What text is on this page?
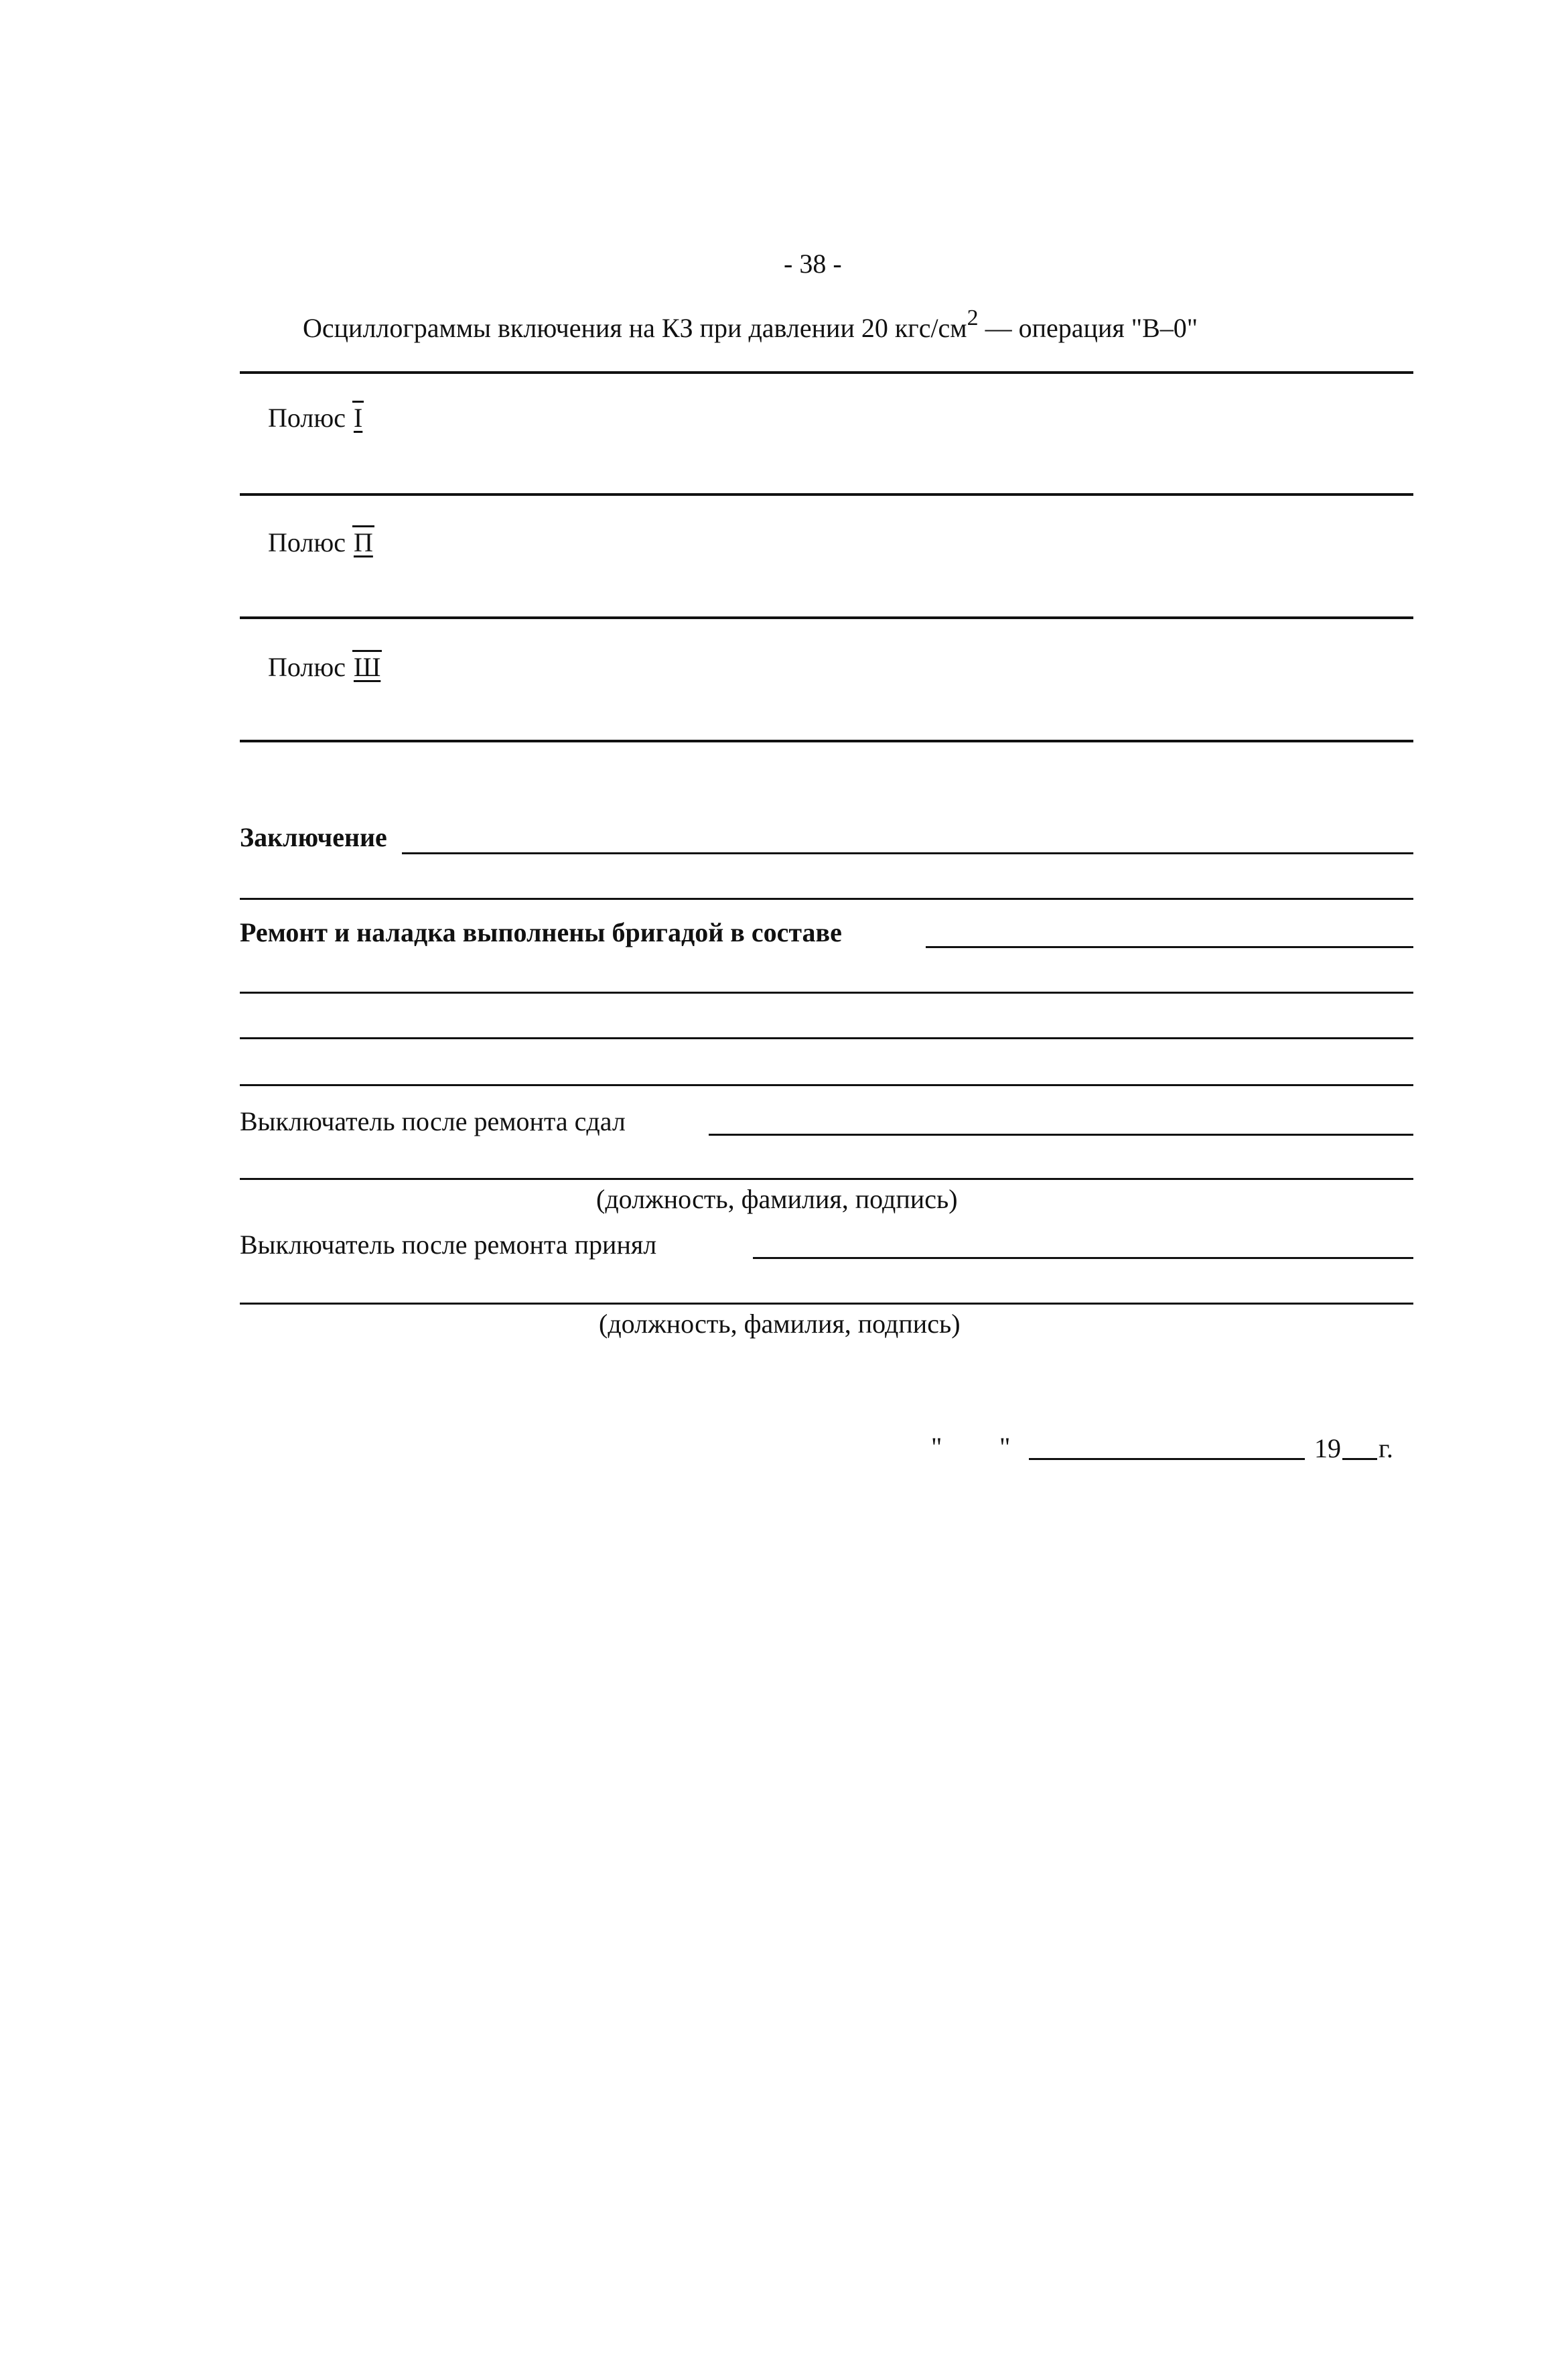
- 38 -
Осциллограммы включения на КЗ при давлении 20 кгс/$см^2$ — операция "В–0"
Полюс I
Полюс П
Полюс Ш
Заключение
Ремонт и наладка выполнены бригадой в составе
Выключатель после ремонта сдал
(должность, фамилия, подпись)
Выключатель после ремонта принял
(должность, фамилия, подпись)
" "	19 г.
